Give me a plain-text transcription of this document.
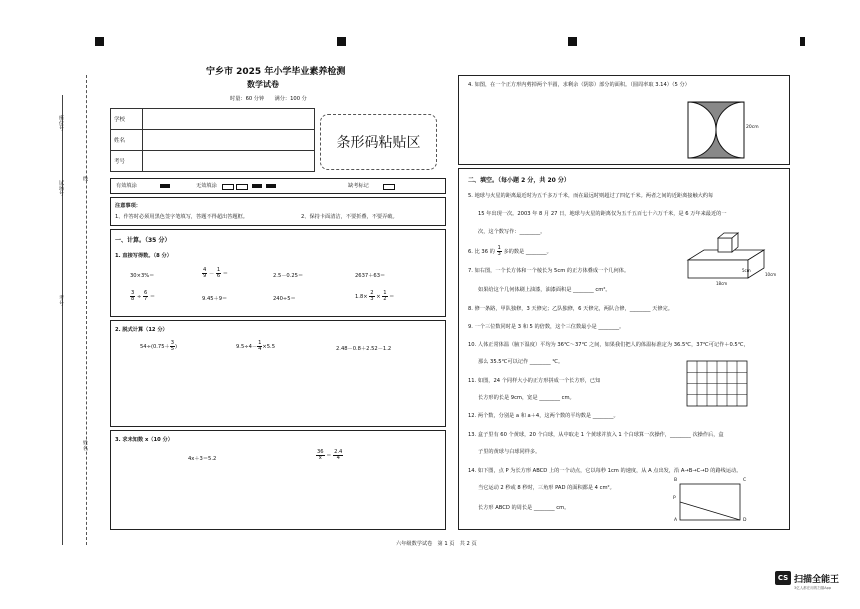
座位号
试场号
线
考号
姓名
宁乡市 2025 年小学毕业素养检测
数学试卷
时量：60 分钟　　满分：100 分
学校	
姓名	
考号	
条形码粘贴区
有效填涂	无效填涂	缺考标记
注意事项：
1、作答时必须用黑色签字笔填写，答题不得超出答题框。	2、保持卡面清洁，不要折叠，不要弄破。
一、计算。（35 分）
1. 直接写得数。（8 分）
30×3%＝	$\frac{4}{9} - \frac{1}{6}$ ＝	2.5－0.25＝	2637＋63＝
$\frac{3}{8} \div \frac{6}{7}$ ＝	9.45＋9＝	240÷5＝	$1.8\times \frac{2}{3} \times \frac{1}{2}$ ＝
2. 脱式计算（12 分）
$54\div(0.75+ \frac{3}{5}$ )	$9.5\div 4- \frac{1}{4} \times 5.5$	2.48－0.8＋2.52－1.2
3. 求未知数 x（10 分）
4x＋3＝5.2	$\frac{36}{x} = \frac{2.4}{4}$
4. 如图，在一个正方形内剪掉两个半圆，求剩余（阴影）部分的面积。（圆周率取 3.14）（5 分）
20cm
二、填空。（每小题 2 分，共 20 分）
5. 地球与火星的距离最近时为五千多万千米，而在最远时则超过了四亿千米。两者之间的近距离接触大约每
15 年出现一次。2003 年 8 月 27 日，地球与火星的距离仅为五千五百七十六万千米，是 6 万年来最近的一
次，这个数写作：________。
6. 比 36 的 $\frac{1}{3}$ 多的数是 ________。
7. 如右图，一个长方体和一个棱长为 5cm 的正方体叠成一个几何体。
如果给这个几何体刷上油漆，油漆面积是 ________ cm²。
5cm
10cm
18cm
8. 修一条路，甲队独修，3 天修完；乙队独修，6 天修完，两队合修，________ 天修完。
9. 一个三位数同时是 3 和 5 的倍数，这个三位数最小是 ________。
10. 人体正常体温（腋下温度）平均为 36℃～37℃ 之间，如果我们把人的体温标准定为 36.5℃，37℃可记作＋0.5℃，
那么 35.5℃可以记作 ________ ℃。
11. 如图，24 个同样大小的正方形拼成一个长方形，已知
长方形的长是 9cm，宽是 ________ cm。
12. 两个数，分别是 a 和 a＋4，这两个数的平均数是 ________。
13. 盒子里有 60 个黄球，20 个白球，从中取走 1 个黄球并放入 1 个白球算一次操作，________ 次操作后，盒
子里的黄球与白球同样多。
14. 如下图，点 P 为长方形 ABCD 上的一个动点，它以每秒 1cm 的速度，从 A 点出发，沿 A→B→C→D 的路线运动。
当它运动 2 秒或 8 秒时，三角形 PAD 的面积都是 4 cm²。
长方形 ABCD 的周长是 ________ cm。
B	C
P
A	D
六年级数学试卷　第 1 页　共 2 页
CS 扫描全能王
3亿人都在用的扫描App
